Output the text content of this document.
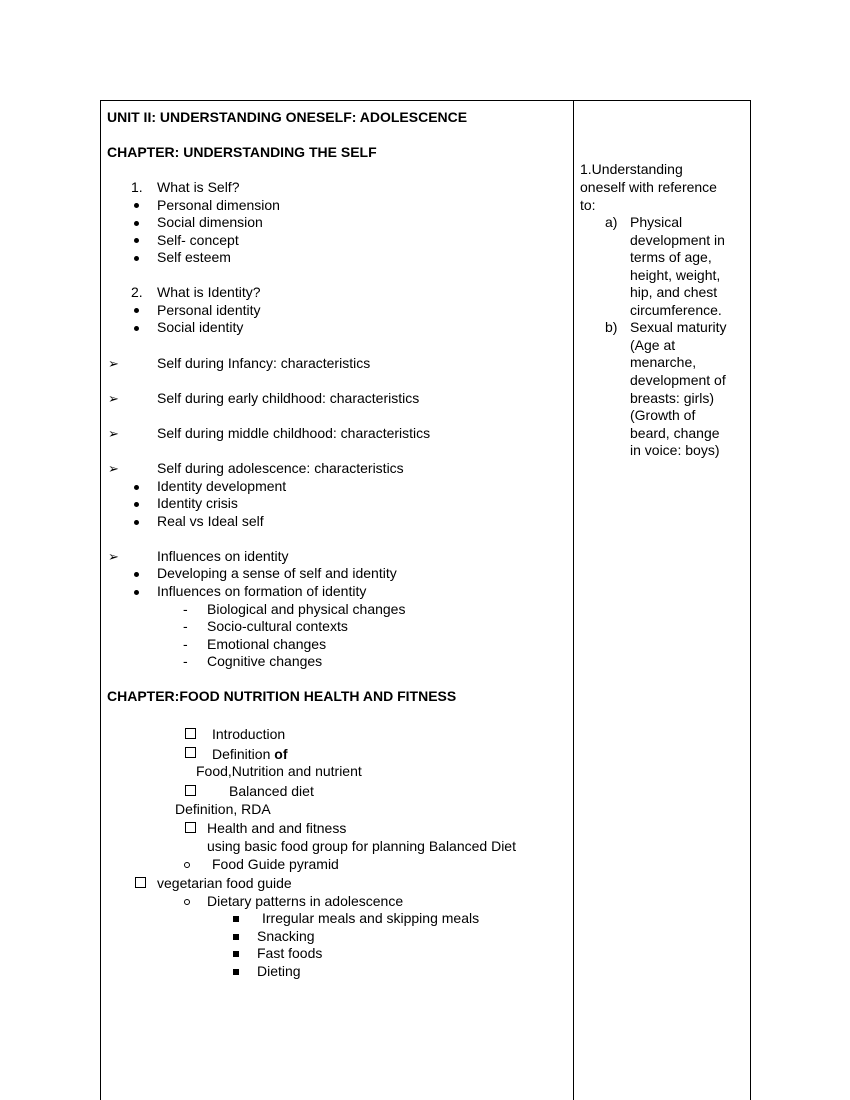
UNIT II: UNDERSTANDING ONESELF: ADOLESCENCE
CHAPTER: UNDERSTANDING THE SELF
1. What is Self?
Personal dimension
Social dimension
Self- concept
Self esteem
2. What is Identity?
Personal identity
Social identity
➢	Self during Infancy: characteristics
➢	Self during early childhood: characteristics
➢	Self during middle childhood: characteristics
➢	Self during adolescence: characteristics
Identity development
Identity crisis
Real vs Ideal self
➢	Influences on identity
Developing a sense of self and identity
Influences on formation of identity
- Biological and physical changes
- Socio-cultural contexts
- Emotional changes
- Cognitive changes
CHAPTER:FOOD NUTRITION HEALTH AND FITNESS
Introduction
Definition of
Food,Nutrition and nutrient
Balanced diet
Definition, RDA
Health and and fitness
using basic food group for planning Balanced Diet
Food Guide pyramid
vegetarian food guide
Dietary patterns in adolescence
Irregular meals and skipping meals
Snacking
Fast foods
Dieting
1.Understanding
oneself with reference
to:
a) Physical
development in
terms of age,
height, weight,
hip, and chest
circumference.
b) Sexual maturity
(Age at
menarche,
development of
breasts: girls)
(Growth of
beard, change
in voice: boys)
